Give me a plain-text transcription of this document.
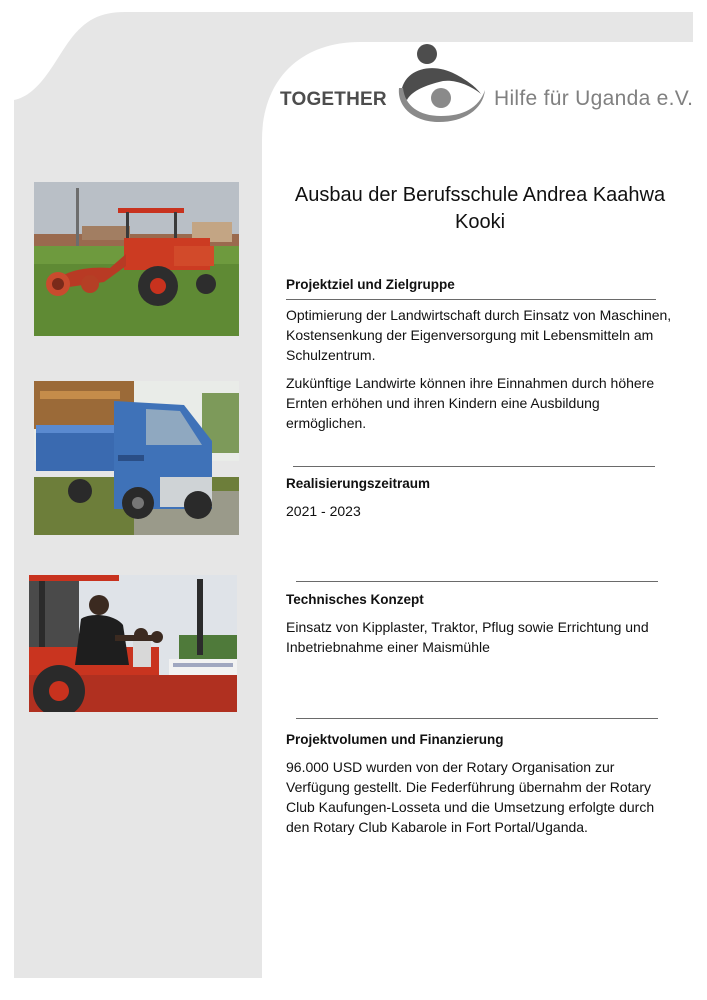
TOGETHER	Hilfe für Uganda e.V.
Ausbau der Berufsschule Andrea Kaahwa Kooki
Projektziel und Zielgruppe

Optimierung der Landwirtschaft durch Einsatz von Maschinen, Kostensenkung der Eigenversorgung mit Lebensmitteln am Schulzentrum.

Zukünftige Landwirte können ihre Einnahmen durch höhere Ernten erhöhen und ihren Kindern eine Ausbildung ermöglichen.

Realisierungszeitraum

2021 - 2023

Technisches Konzept

Einsatz von Kipplaster, Traktor, Pflug sowie Errichtung und Inbetriebnahme einer Maismühle

Projektvolumen und Finanzierung

96.000 USD wurden von der Rotary Organisation zur Verfügung gestellt. Die Federführung übernahm der Rotary Club Kaufungen-Losseta und die Umsetzung erfolgte durch den Rotary Club Kabarole in Fort Portal/Uganda.
